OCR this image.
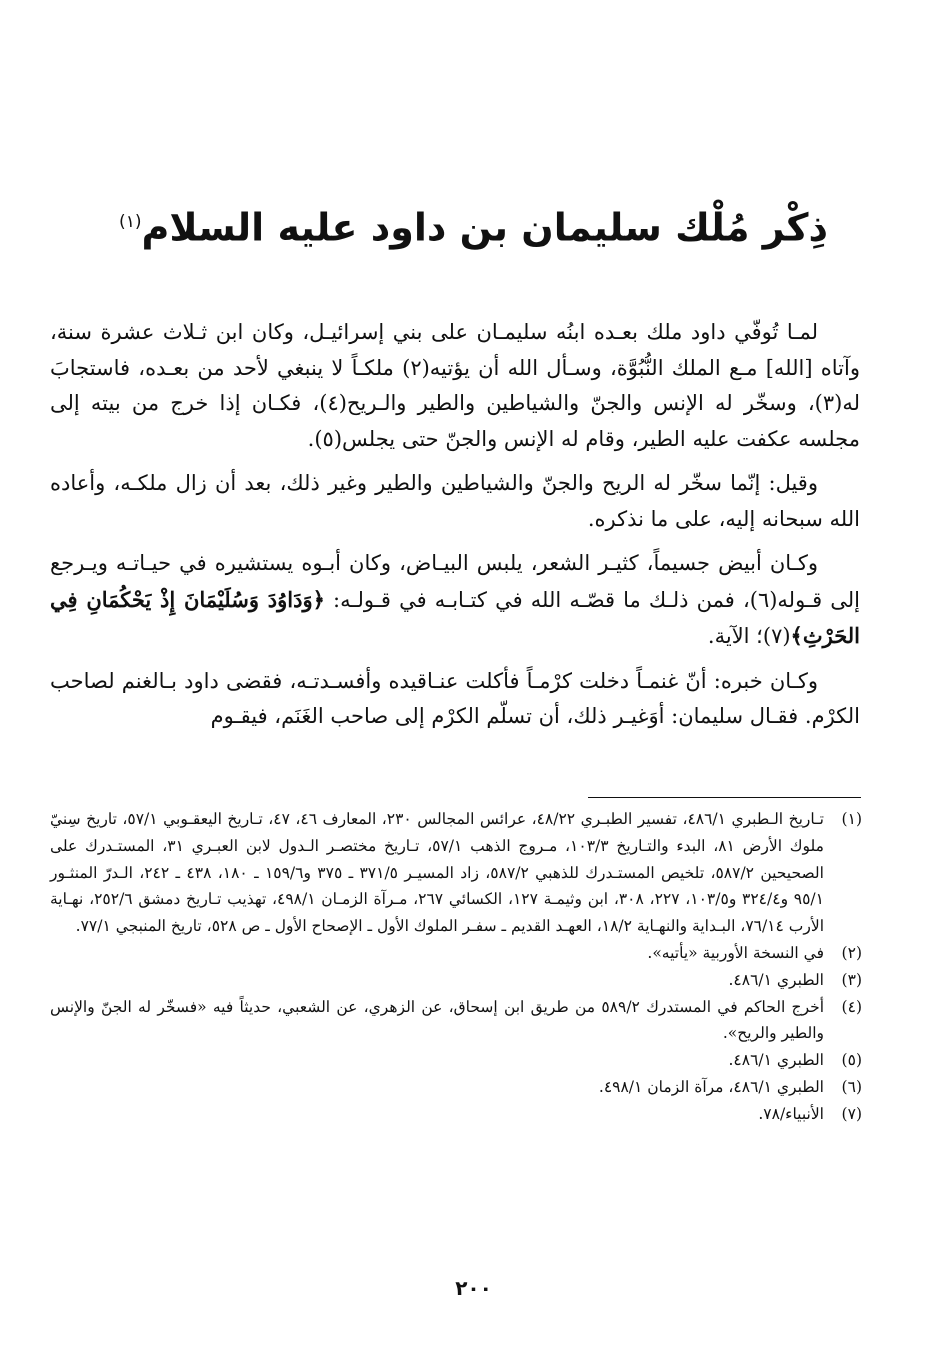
ذِكْر مُلْك سليمان بن داود عليه السلام$^{(١)}$

لمـا تُوفّي داود ملك بعـده ابنُه سليمـان على بني إسرائيـل، وكان ابن ثـلاث عشرة سنة، وآتاه [الله] مـع الملك النُّبُوَّة، وسـأل الله أن يؤتيه(٢) ملكـاً لا ينبغي لأحد من بعـده، فاستجابَ له(٣)، وسخّر له الإنس والجنّ والشياطين والطير والـريح(٤)، فكـان إذا خرج من بيته إلى مجلسه عكفت عليه الطير، وقام له الإنس والجنّ حتى يجلس(٥).

وقيل: إنّما سخّر له الريح والجنّ والشياطين والطير وغير ذلك، بعد أن زال ملكـه، وأعاده الله سبحانه إليه، على ما نذكره.

وكـان أبيض جسيماً، كثيـر الشعر، يلبس البيـاض، وكان أبـوه يستشيره في حيـاتـه ويـرجع إلى قـوله(٦)، فمن ذلـك ما قصّـه الله في كتـابـه في قـولـه: ﴿وَدَاوُدَ وَسُلَيْمَانَ إِذْ يَحْكُمَانِ فِي الحَرْثِ﴾(٧)؛ الآية.

وكـان خبره: أنّ غنمـاً دخلت كرْمـاً فأكلت عنـاقيده وأفسـدتـه، فقضى داود بـالغنم لصاحب الكرْم. فقـال سليمان: أوَغيـر ذلك، أن تسلّم الكرْم إلى صاحب الغَنَم، فيقـوم

(١)
تـاريخ الـطبري ٤٨٦/١، تفسير الطبـري ٤٨/٢٢، عرائس المجالس ٢٣٠، المعارف ٤٦، ٤٧، تـاريخ اليعقـوبي ٥٧/١، تاريخ سِنيّ ملوك الأرض ٨١، البدء والتـاريخ ١٠٣/٣، مـروج الذهب ٥٧/١، تـاريخ مختصـر الـدول لابن العبـري ٣١، المستـدرك على الصحيحين ٥٨٧/٢، تلخيص المستـدرك للذهبي ٥٨٧/٢، زاد المسيـر ٣٧١/٥ ـ ٣٧٥ و١٥٩/٦ ـ ١٨٠، ٤٣٨ ـ ٢٤٢، الـدرّ المنثـور ٩٥/١ و٣٢٤/٤ و١٠٣/٥، ٢٢٧، ٣٠٨، ابن وثيمـة ١٢٧، الكسائي ٢٦٧، مـرآة الزمـان ٤٩٨/١، تهذيب تـاريخ دمشق ٢٥٢/٦، نهـاية الأرب ٧٦/١٤، البـداية والنهـاية ١٨/٢، العهـد القديم ـ سفـر الملوك الأول ـ الإصحاح الأول ـ ص ٥٢٨، تاريخ المنبجي ٧٧/١.
(٢)
في النسخة الأوربية «يأتيه».
(٣)
الطبري ٤٨٦/١.
(٤)
أخرج الحاكم في المستدرك ٥٨٩/٢ من طريق ابن إسحاق، عن الزهري، عن الشعبي، حديثاً فيه «فسخّر له الجنّ والإنس والطير والريح».
(٥)
الطبري ٤٨٦/١.
(٦)
الطبري ٤٨٦/١، مرآة الزمان ٤٩٨/١.
(٧)
الأنبياء/٧٨.
٢٠٠
